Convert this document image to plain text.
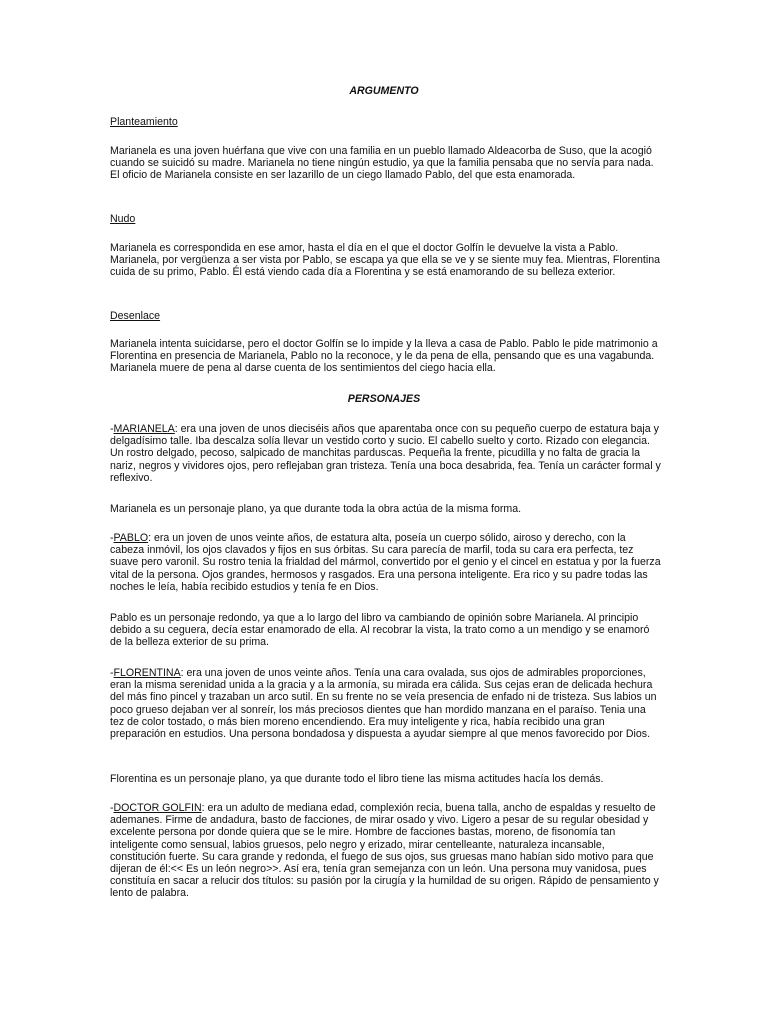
ARGUMENTO

Planteamiento

Marianela es una joven huérfana que vive con una familia en un pueblo llamado Aldeacorba de Suso, que la acogió cuando se suicidó su madre. Marianela no tiene ningún estudio, ya que la familia pensaba que no servía para nada. El oficio de Marianela consiste en ser lazarillo de un ciego llamado Pablo, del que esta enamorada.

Nudo

Marianela es correspondida en ese amor, hasta el día en el que el doctor Golfín le devuelve la vista a Pablo. Marianela, por vergüenza a ser vista por Pablo, se escapa ya que ella se ve y se siente muy fea. Mientras, Florentina cuida de su primo, Pablo. Él está viendo cada día a Florentina y se está enamorando de su belleza exterior.

Desenlace

Marianela intenta suicidarse, pero el doctor Golfín se lo impide y la lleva a casa de Pablo. Pablo le pide matrimonio a Florentina en presencia de Marianela, Pablo no la reconoce, y le da pena de ella, pensando que es una vagabunda. Marianela muere de pena al darse cuenta de los sentimientos del ciego hacia ella.

PERSONAJES

-MARIANELA: era una joven de unos dieciséis años que aparentaba once con su pequeño cuerpo de estatura baja y delgadísimo talle. Iba descalza solía llevar un vestido corto y sucio. El cabello suelto y corto. Rizado con elegancia. Un rostro delgado, pecoso, salpicado de manchitas parduscas. Pequeña la frente, picudilla y no falta de gracia la nariz, negros y vividores ojos, pero reflejaban gran tristeza. Tenía una boca desabrida, fea. Tenía un carácter formal y reflexivo.

Marianela es un personaje plano, ya que durante toda la obra actúa de la misma forma.

-PABLO: era un joven de unos veinte años, de estatura alta, poseía un cuerpo sólido, airoso y derecho, con la cabeza inmóvil, los ojos clavados y fijos en sus órbitas. Su cara parecía de marfil, toda su cara era perfecta, tez suave pero varonil. Su rostro tenia la frialdad del mármol, convertido por el genio y el cincel en estatua y por la fuerza vital de la persona. Ojos grandes, hermosos y rasgados. Era una persona inteligente. Era rico y su padre todas las noches le leía, había recibido estudios y tenía fe en Dios.

Pablo es un personaje redondo, ya que a lo largo del libro va cambiando de opinión sobre Marianela. Al principio debido a su ceguera, decía estar enamorado de ella. Al recobrar la vista, la trato como a un mendigo y se enamoró de la belleza exterior de su prima.

-FLORENTINA: era una joven de unos veinte años. Tenía una cara ovalada, sus ojos de admirables proporciones, eran la misma serenidad unida a la gracia y a la armonía, su mirada era cálida. Sus cejas eran de delicada hechura del más fino pincel y trazaban un arco sutil. En su frente no se veía presencia de enfado ni de tristeza. Sus labios un poco grueso dejaban ver al sonreír, los más preciosos dientes que han mordido manzana en el paraíso. Tenia una tez de color tostado, o más bien moreno encendiendo. Era muy inteligente y rica, había recibido una gran preparación en estudios. Una persona bondadosa y dispuesta a ayudar siempre al que menos favorecido por Dios.

Florentina es un personaje plano, ya que durante todo el libro tiene las misma actitudes hacía los demás.

-DOCTOR GOLFIN: era un adulto de mediana edad, complexión recia, buena talla, ancho de espaldas y resuelto de ademanes. Firme de andadura, basto de facciones, de mirar osado y vivo. Ligero a pesar de su regular obesidad y excelente persona por donde quiera que se le mire. Hombre de facciones bastas, moreno, de fisonomía tan inteligente como sensual, labios gruesos, pelo negro y erizado, mirar centelleante, naturaleza incansable, constitución fuerte. Su cara grande y redonda, el fuego de sus ojos, sus gruesas mano habían sido motivo para que dijeran de él:<< Es un león negro>>. Así era, tenía gran semejanza con un león. Una persona muy vanidosa, pues constituía en sacar a relucir dos títulos: su pasión por la cirugía y la humildad de su origen. Rápido de pensamiento y lento de palabra.
